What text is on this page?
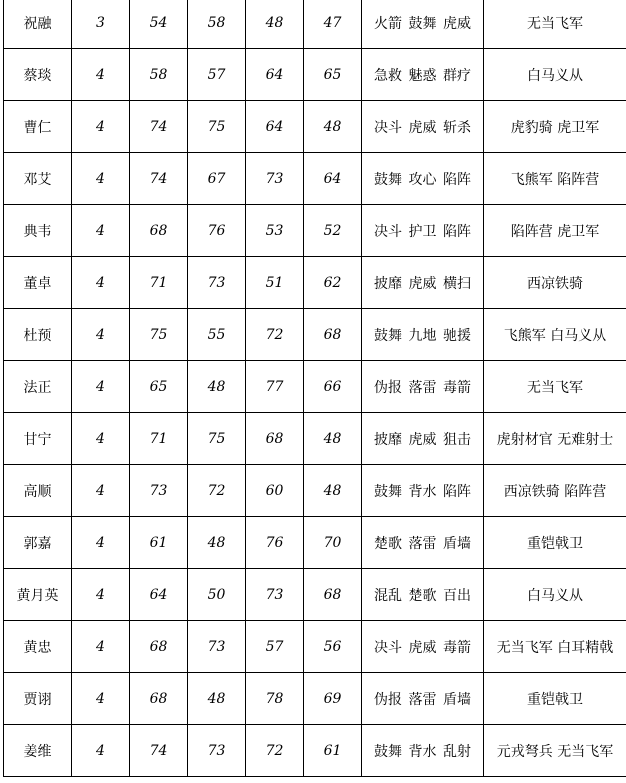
祝融	3	54	58	48	47	火箭 鼓舞 虎威	无当飞军
蔡琰	4	58	57	64	65	急救 魅惑 群疗	白马义从
曹仁	4	74	75	64	48	决斗 虎威 斩杀	虎豹骑 虎卫军
邓艾	4	74	67	73	64	鼓舞 攻心 陷阵	飞熊军 陷阵营
典韦	4	68	76	53	52	决斗 护卫 陷阵	陷阵营 虎卫军
董卓	4	71	73	51	62	披靡 虎威 横扫	西凉铁骑
杜预	4	75	55	72	68	鼓舞 九地 驰援	飞熊军 白马义从
法正	4	65	48	77	66	伪报 落雷 毒箭	无当飞军
甘宁	4	71	75	68	48	披靡 虎威 狙击	虎射材官 无难射士
高顺	4	73	72	60	48	鼓舞 背水 陷阵	西凉铁骑 陷阵营
郭嘉	4	61	48	76	70	楚歌 落雷 盾墙	重铠戟卫
黄月英	4	64	50	73	68	混乱 楚歌 百出	白马义从
黄忠	4	68	73	57	56	决斗 虎威 毒箭	无当飞军 白耳精戟
贾诩	4	68	48	78	69	伪报 落雷 盾墙	重铠戟卫
姜维	4	74	73	72	61	鼓舞 背水 乱射	元戎弩兵 无当飞军
